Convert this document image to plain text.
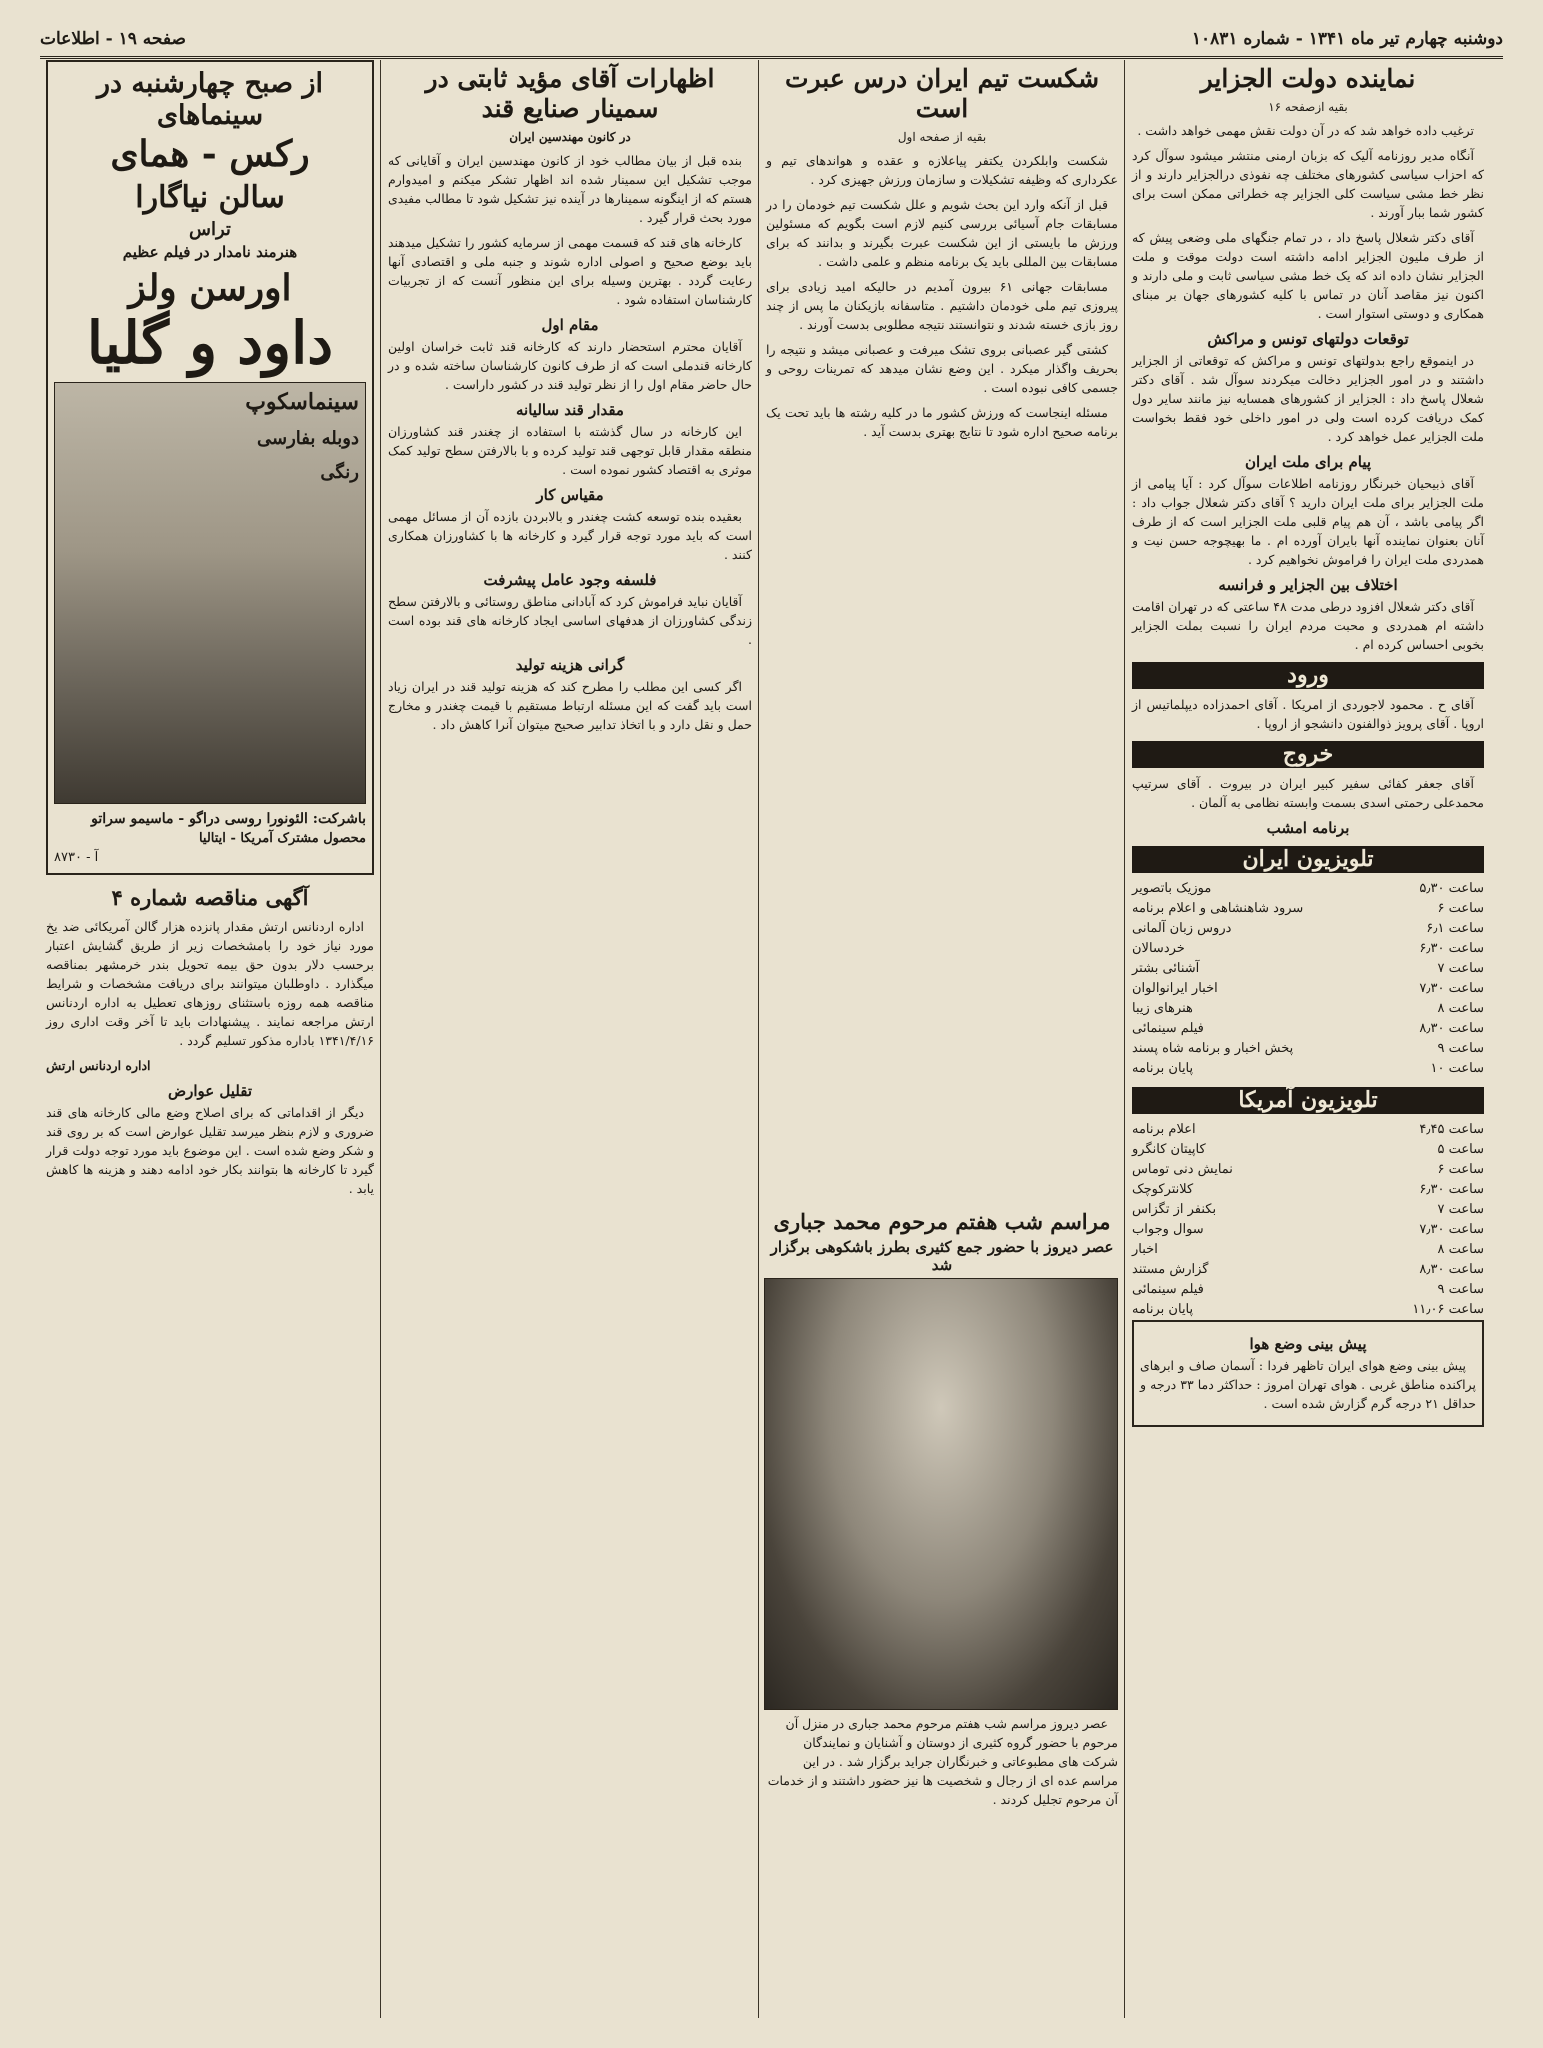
دوشنبه چهارم تیر ماه ۱۳۴۱ - شماره ۱۰۸۳۱
صفحه ۱۹ - اطلاعات
نماینده دولت الجزایر
بقیه ازصفحه ۱۶

ترغیب داده خواهد شد که در آن دولت نقش مهمی خواهد داشت .

آنگاه مدیر روزنامه آلیک که بزبان ارمنی منتشر میشود سوآل کرد که احزاب سیاسی کشورهای مختلف چه نفوذی درالجزایر دارند و از نظر خط مشی سیاست کلی الجزایر چه خطراتی ممکن است برای کشور شما ببار آورند .

آقای دکتر شعلال پاسخ داد ، در تمام جنگهای ملی وضعی پیش که از طرف ملیون الجزایر ادامه داشته است دولت موقت و ملت الجزایر نشان داده اند که یک خط مشی سیاسی ثابت و ملی دارند و اکنون نیز مقاصد آنان در تماس با کلیه کشورهای جهان بر مبنای همکاری و دوستی استوار است .

توقعات دولتهای تونس و مراکش

در اینموقع راجع بدولتهای تونس و مراکش که توقعاتی از الجزایر داشتند و در امور الجزایر دخالت میکردند سوآل شد . آقای دکتر شعلال پاسخ داد : الجزایر از کشورهای همسایه نیز مانند سایر دول کمک دریافت کرده است ولی در امور داخلی خود فقط بخواست ملت الجزایر عمل خواهد کرد .

پیام برای ملت ایران

آقای ذبیحیان خبرنگار روزنامه اطلاعات سوآل کرد : آیا پیامی از ملت الجزایر برای ملت ایران دارید ؟ آقای دکتر شعلال جواب داد : اگر پیامی باشد ، آن هم پیام قلبی ملت الجزایر است که از طرف آنان بعنوان نماینده آنها بایران آورده ام . ما بهیچوجه حسن نیت و همدردی ملت ایران را فراموش نخواهیم کرد .

اختلاف بین الجزایر و فرانسه

آقای دکتر شعلال افزود درطی مدت ۴۸ ساعتی که در تهران اقامت داشته ام همدردی و محبت مردم ایران را نسبت بملت الجزایر بخوبی احساس کرده ام .

ورود

آقای ح . محمود لاجوردی از امریکا . آقای احمدزاده دیپلماتیس از اروپا . آقای پرویز ذوالفنون دانشجو از اروپا .

خروج

آقای جعفر کفائی سفیر کبیر ایران در بیروت . آقای سرتیپ محمدعلی رحمتی اسدی بسمت وابسته نظامی به آلمان .

برنامه امشب
تلویزیون ایران
ساعت ۵٫۳۰
موزیک باتصویر
ساعت ۶
سرود شاهنشاهی و اعلام برنامه
ساعت ۶٫۱
دروس زبان آلمانی
ساعت ۶٫۳۰
خردسالان
ساعت ۷
آشنائی بشتر
ساعت ۷٫۳۰
اخبار ایرانوالوان
ساعت ۸
هنرهای زیبا
ساعت ۸٫۳۰
فیلم سینمائی
ساعت ۹
پخش اخبار و برنامه شاه پسند
ساعت ۱۰
پایان برنامه
تلویزیون آمریکا
ساعت ۴٫۴۵
اعلام برنامه
ساعت ۵
کاپیتان کانگرو
ساعت ۶
نمایش دنی توماس
ساعت ۶٫۳۰
کلانترکوچک
ساعت ۷
بکنفر از تگزاس
ساعت ۷٫۳۰
سوال وجواب
ساعت ۸
اخبار
ساعت ۸٫۳۰
گزارش مستند
ساعت ۹
فیلم سینمائی
ساعت ۱۱٫۰۶
پایان برنامه
پیش بینی وضع هوا

پیش بینی وضع هوای ایران تاظهر فردا : آسمان صاف و ابرهای پراکنده مناطق غربی . هوای تهران امروز : حداکثر دما ۳۳ درجه و حداقل ۲۱ درجه گرم گزارش شده است .

شکست تیم ایران درس عبرت است
بقیه از صفحه اول

شکست وابلکردن یکتفر پیاعلازه و عقده و هواندهای تیم و عکرداری که وظیفه تشکیلات و سازمان ورزش جهیزی کرد .

قبل از آنکه وارد این بحث شویم و علل شکست تیم خودمان را در مسابقات جام آسیائی بررسی کنیم لازم است بگویم که مسئولین ورزش ما بایستی از این شکست عبرت بگیرند و بدانند که برای مسابقات بین المللی باید یک برنامه منظم و علمی داشت .

مسابقات جهانی ۶۱ بیرون آمدیم در حالیکه امید زیادی برای پیروزی تیم ملی خودمان داشتیم . متاسفانه بازیکنان ما پس از چند روز بازی خسته شدند و نتوانستند نتیجه مطلوبی بدست آورند .

کشتی گیر عصبانی بروی تشک میرفت و عصبانی میشد و نتیجه را بحریف واگذار میکرد . این وضع نشان میدهد که تمرینات روحی و جسمی کافی نبوده است .

مسئله اینجاست که ورزش کشور ما در کلیه رشته ها باید تحت یک برنامه صحیح اداره شود تا نتایج بهتری بدست آید .

مراسم شب هفتم مرحوم محمد جباری
عصر دیروز با حضور جمع کثیری بطرز باشکوهی برگزار شد

عصر دیروز مراسم شب هفتم مرحوم محمد جباری در منزل آن مرحوم با حضور گروه کثیری از دوستان و آشنایان و نمایندگان شرکت های مطبوعاتی و خبرنگاران جراید برگزار شد . در این مراسم عده ای از رجال و شخصیت ها نیز حضور داشتند و از خدمات آن مرحوم تجلیل کردند .

اظهارات آقای مؤید ثابتی در سمینار صنایع قند
در کانون مهندسین ایران

بنده قبل از بیان مطالب خود از کانون مهندسین ایران و آقایانی که موجب تشکیل این سمینار شده اند اظهار تشکر میکنم و امیدوارم هستم که از اینگونه سمینارها در آینده نیز تشکیل شود تا مطالب مفیدی مورد بحث قرار گیرد .

کارخانه های قند که قسمت مهمی از سرمایه کشور را تشکیل میدهند باید بوضع صحیح و اصولی اداره شوند و جنبه ملی و اقتصادی آنها رعایت گردد . بهترین وسیله برای این منظور آنست که از تجربیات کارشناسان استفاده شود .

مقام اول

آقایان محترم استحضار دارند که کارخانه قند ثابت خراسان اولین کارخانه قندملی است که از طرف کانون کارشناسان ساخته شده و در حال حاضر مقام اول را از نظر تولید قند در کشور داراست .

مقدار قند سالیانه

این کارخانه در سال گذشته با استفاده از چغندر قند کشاورزان منطقه مقدار قابل توجهی قند تولید کرده و با بالارفتن سطح تولید کمک موثری به اقتصاد کشور نموده است .

مقیاس کار

بعقیده بنده توسعه کشت چغندر و بالابردن بازده آن از مسائل مهمی است که باید مورد توجه قرار گیرد و کارخانه ها با کشاورزان همکاری کنند .

فلسفه وجود عامل پیشرفت

آقایان نباید فراموش کرد که آبادانی مناطق روستائی و بالارفتن سطح زندگی کشاورزان از هدفهای اساسی ایجاد کارخانه های قند بوده است .

گرانی هزینه تولید

اگر کسی این مطلب را مطرح کند که هزینه تولید قند در ایران زیاد است باید گفت که این مسئله ارتباط مستقیم با قیمت چغندر و مخارج حمل و نقل دارد و با اتخاذ تدابیر صحیح میتوان آنرا کاهش داد .

از صبح چهارشنبه در سینماهای
رکس - همای
سالن نیاگارا
تراس
هنرمند نامدار در فیلم عظیم
اورسن ولز
داود و گلیا
سینماسکوپ
دوبله بفارسی
رنگی
باشرکت: الئونورا روسی دراگو - ماسیمو سراتو
محصول مشترک آمریکا - ایتالیا
آ - ۸۷۳۰
آگهی مناقصه شماره ۴

اداره اردنانس ارتش مقدار پانزده هزار گالن آمریکائی ضد یخ مورد نیاز خود را بامشخصات زیر از طریق گشایش اعتبار برحسب دلار بدون حق بیمه تحویل بندر خرمشهر بمناقصه میگذارد . داوطلبان میتوانند برای دریافت مشخصات و شرایط مناقصه همه روزه باستثنای روزهای تعطیل به اداره اردنانس ارتش مراجعه نمایند . پیشنهادات باید تا آخر وقت اداری روز ۱۳۴۱/۴/۱۶ باداره مذکور تسلیم گردد .

اداره اردنانس ارتش
تقلیل عوارض

دیگر از اقداماتی که برای اصلاح وضع مالی کارخانه های قند ضروری و لازم بنظر میرسد تقلیل عوارض است که بر روی قند و شکر وضع شده است . این موضوع باید مورد توجه دولت قرار گیرد تا کارخانه ها بتوانند بکار خود ادامه دهند و هزینه ها کاهش یابد .
